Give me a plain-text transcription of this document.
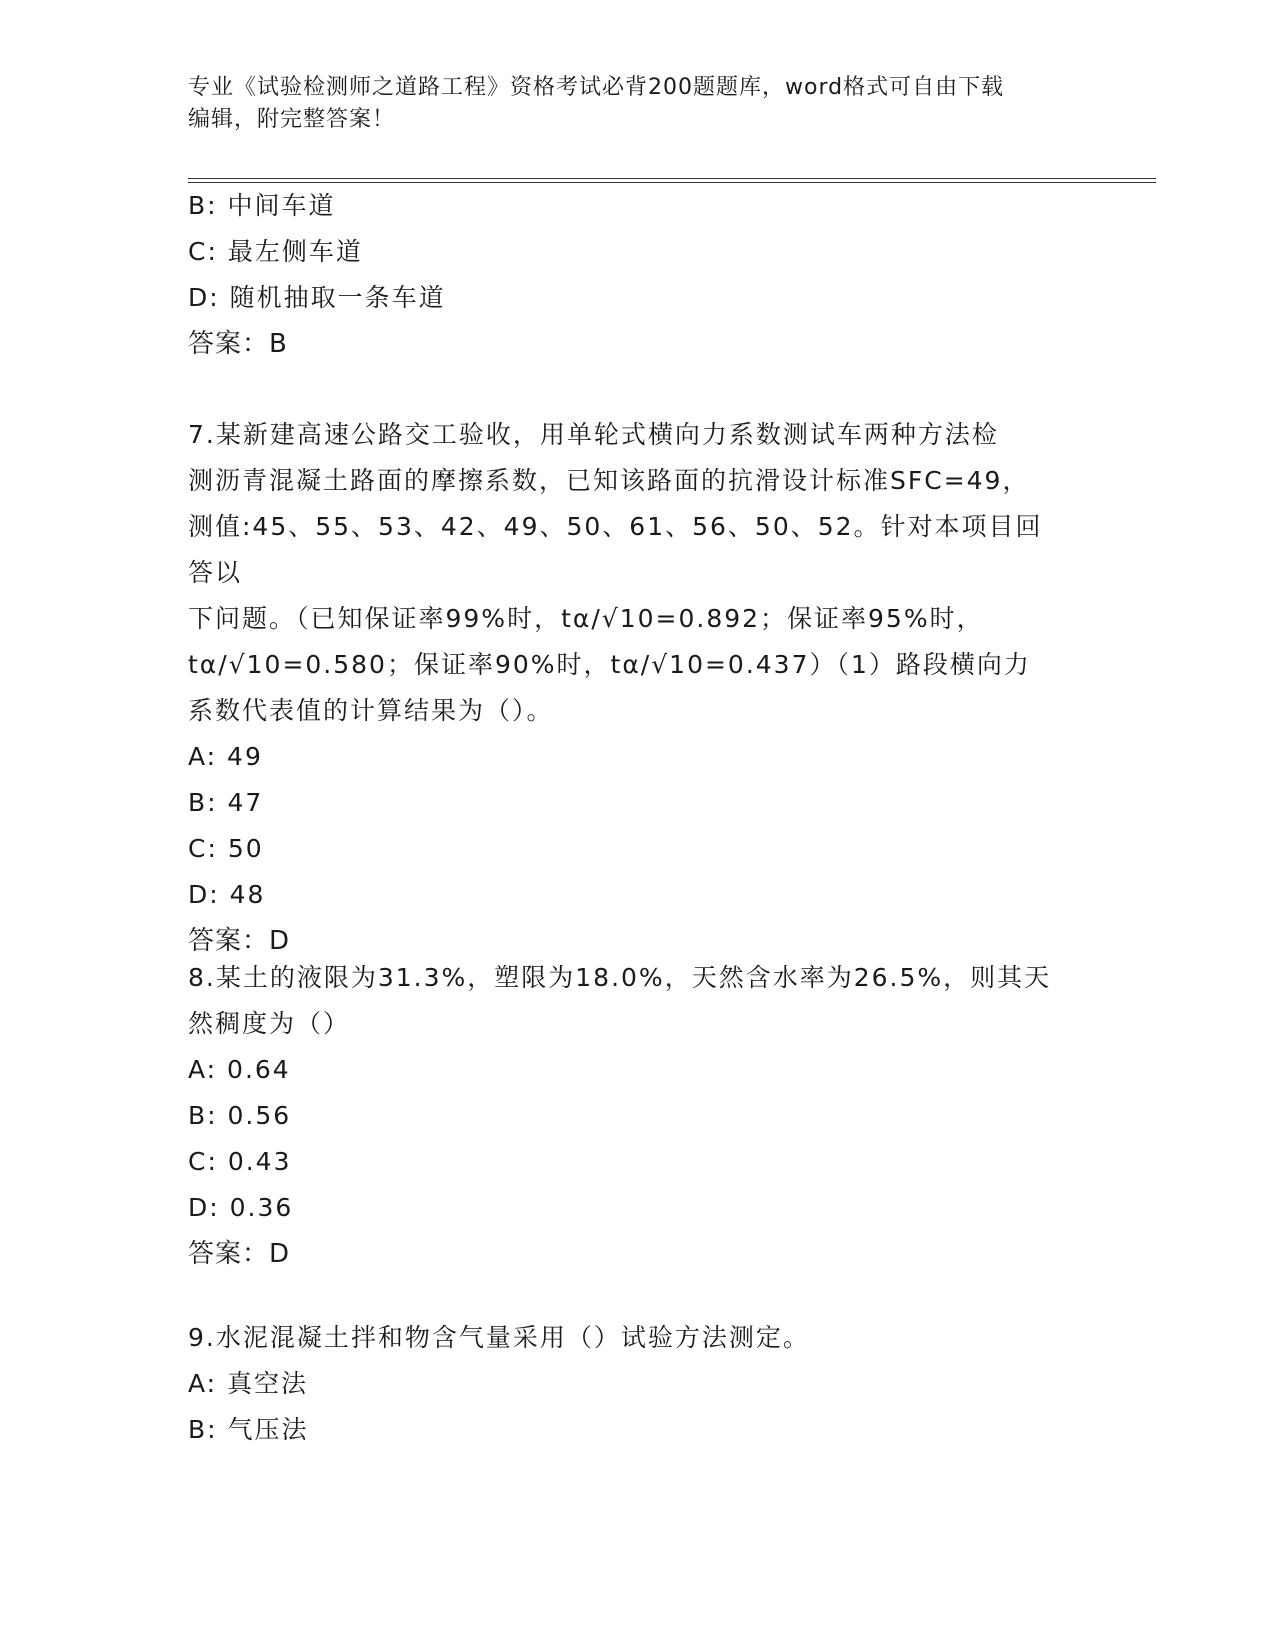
专业《试验检测师之道路工程》资格考试必背200题题库，word格式可自由下载
编辑，附完整答案！
B: 中间车道
C: 最左侧车道
D: 随机抽取一条车道
答案：B
7.某新建高速公路交工验收，用单轮式横向力系数测试车两种方法检
测沥青混凝土路面的摩擦系数，已知该路面的抗滑设计标准SFC=49，
测值:45、55、53、42、49、50、61、56、50、52。针对本项目回答以
下问题。（已知保证率99%时，tα/√10=0.892；保证率95%时，
tα/√10=0.580；保证率90%时，tα/√10=0.437）（1）路段横向力
系数代表值的计算结果为（）。
A: 49
B: 47
C: 50
D: 48
答案：D
8.某土的液限为31.3%，塑限为18.0%，天然含水率为26.5%，则其天
然稠度为（）
A: 0.64
B: 0.56
C: 0.43
D: 0.36
答案：D
9.水泥混凝土拌和物含气量采用（）试验方法测定。
A: 真空法
B: 气压法
